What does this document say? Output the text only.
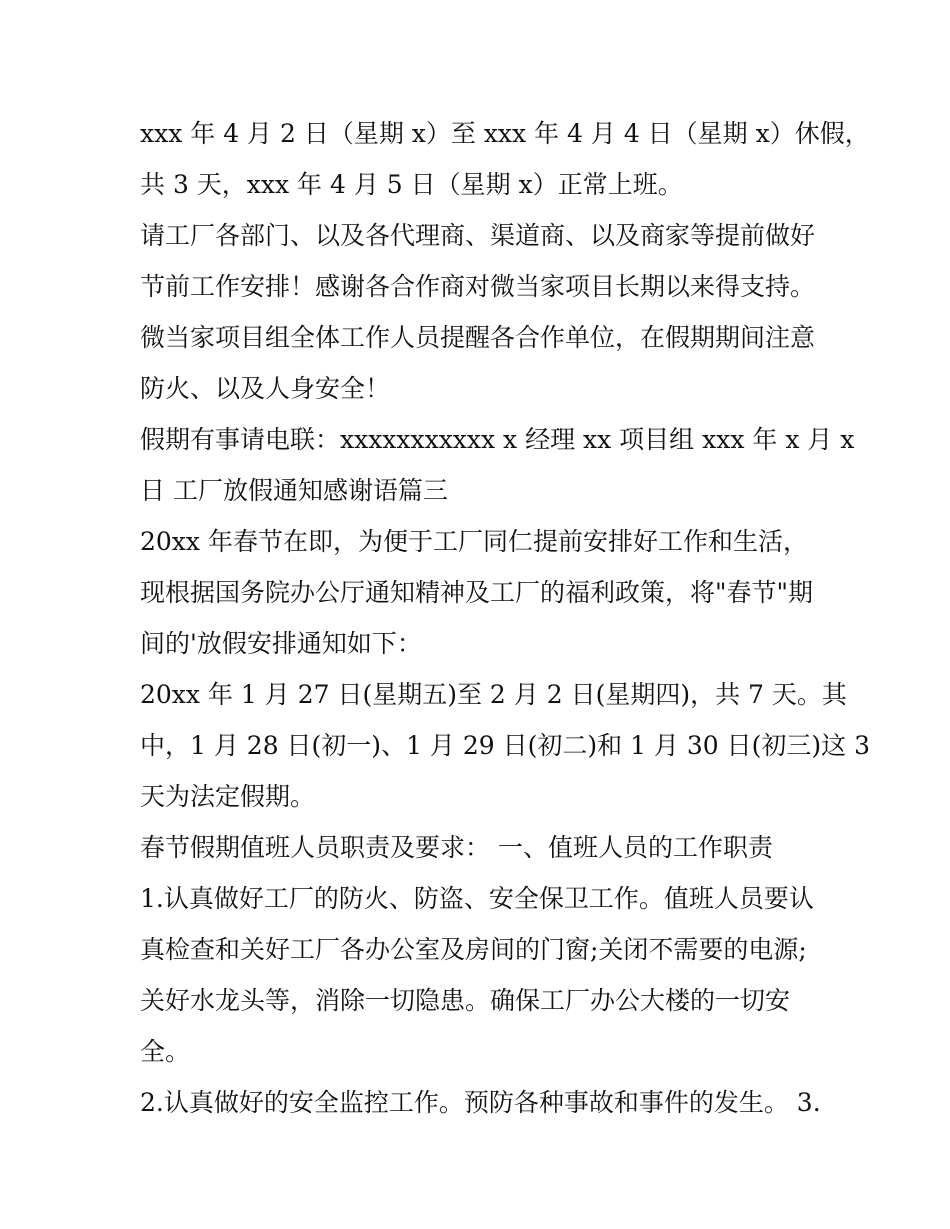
xxx 年 4 月 2 日（星期 x）至 xxx 年 4 月 4 日（星期 x）休假，
共 3 天，xxx 年 4 月 5 日（星期 x）正常上班。
请工厂各部门、以及各代理商、渠道商、以及商家等提前做好
节前工作安排！感谢各合作商对微当家项目长期以来得支持。
微当家项目组全体工作人员提醒各合作单位，在假期期间注意
防火、以及人身安全！
假期有事请电联：xxxxxxxxxxx x 经理 xx 项目组 xxx 年 x 月 x
日 工厂放假通知感谢语篇三
20xx 年春节在即，为便于工厂同仁提前安排好工作和生活，
现根据国务院办公厅通知精神及工厂的福利政策，将"春节"期
间的'放假安排通知如下：
20xx 年 1 月 27 日(星期五)至 2 月 2 日(星期四)，共 7 天。其
中，1 月 28 日(初一)、1 月 29 日(初二)和 1 月 30 日(初三)这 3
天为法定假期。
春节假期值班人员职责及要求： 一、值班人员的工作职责
1.认真做好工厂的防火、防盗、安全保卫工作。值班人员要认
真检查和关好工厂各办公室及房间的门窗;关闭不需要的电源;
关好水龙头等，消除一切隐患。确保工厂办公大楼的一切安
全。
2.认真做好的安全监控工作。预防各种事故和事件的发生。 3.
